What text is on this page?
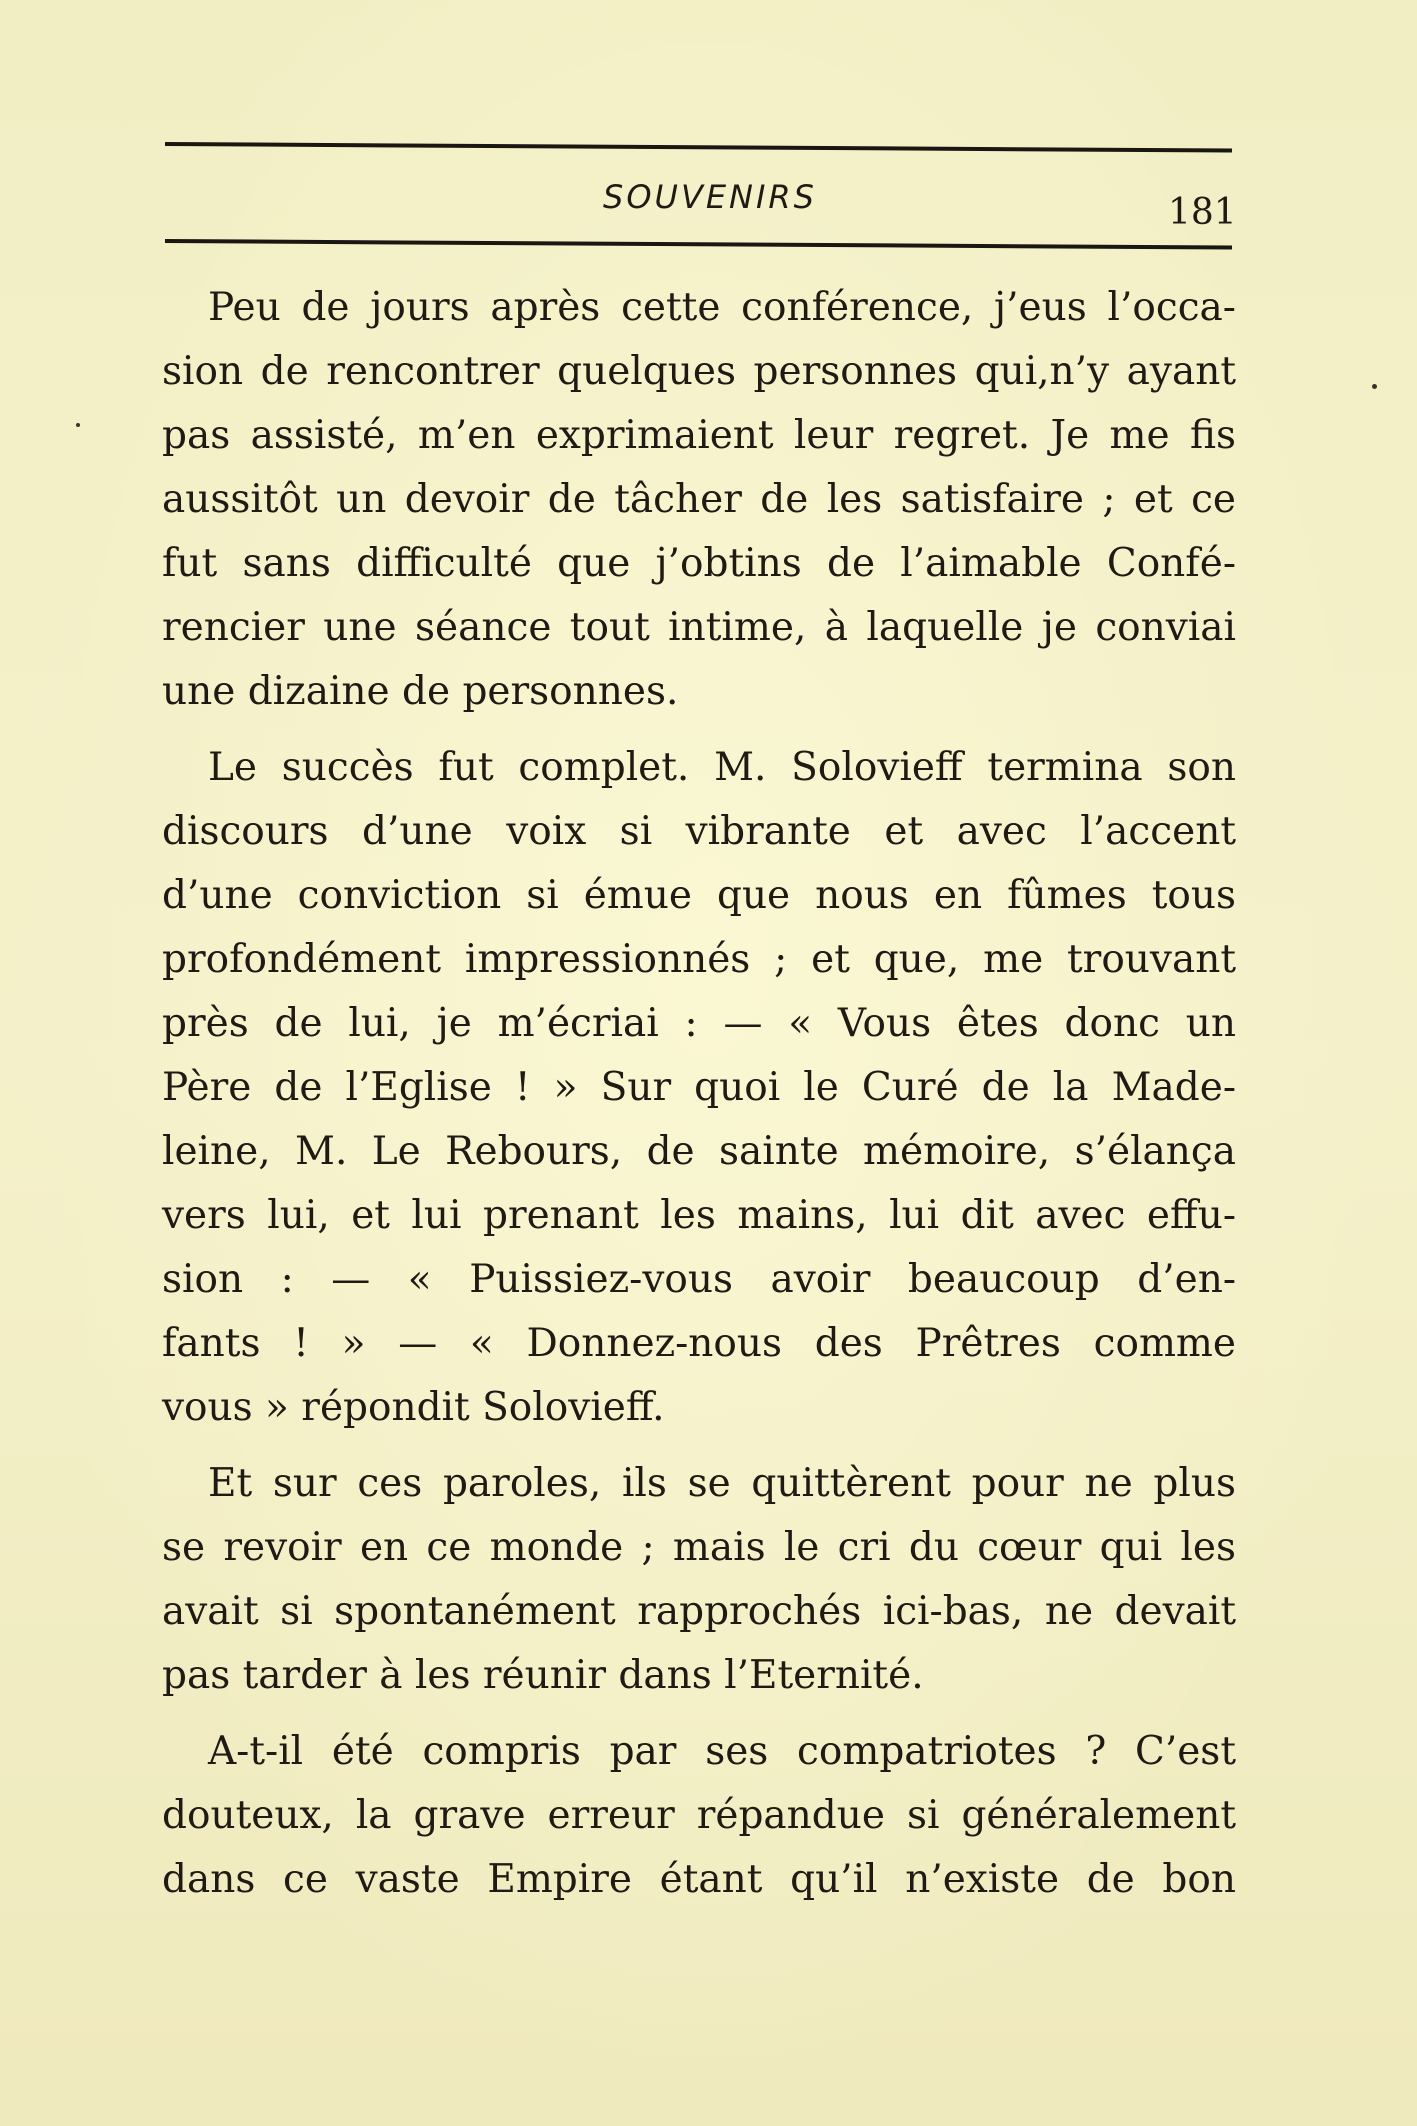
SOUVENIRS	181
Peu de jours après cette conférence, j’eus l’occa-
sion de rencontrer quelques personnes qui,n’y ayant
pas assisté, m’en exprimaient leur regret. Je me fis
aussitôt un devoir de tâcher de les satisfaire ; et ce
fut sans difficulté que j’obtins de l’aimable Confé-
rencier une séance tout intime, à laquelle je conviai
une dizaine de personnes.
Le succès fut complet. M. Solovieff termina son
discours d’une voix si vibrante et avec l’accent
d’une conviction si émue que nous en fûmes tous
profondément impressionnés ; et que, me trouvant
près de lui, je m’écriai : — « Vous êtes donc un
Père de l’Eglise ! » Sur quoi le Curé de la Made-
leine, M. Le Rebours, de sainte mémoire, s’élança
vers lui, et lui prenant les mains, lui dit avec effu-
sion : — « Puissiez-vous avoir beaucoup d’en-
fants ! » — « Donnez-nous des Prêtres comme
vous » répondit Solovieff.
Et sur ces paroles, ils se quittèrent pour ne plus
se revoir en ce monde ; mais le cri du cœur qui les
avait si spontanément rapprochés ici-bas, ne devait
pas tarder à les réunir dans l’Eternité.
A-t-il été compris par ses compatriotes ? C’est
douteux, la grave erreur répandue si généralement
dans ce vaste Empire étant qu’il n’existe de bon
